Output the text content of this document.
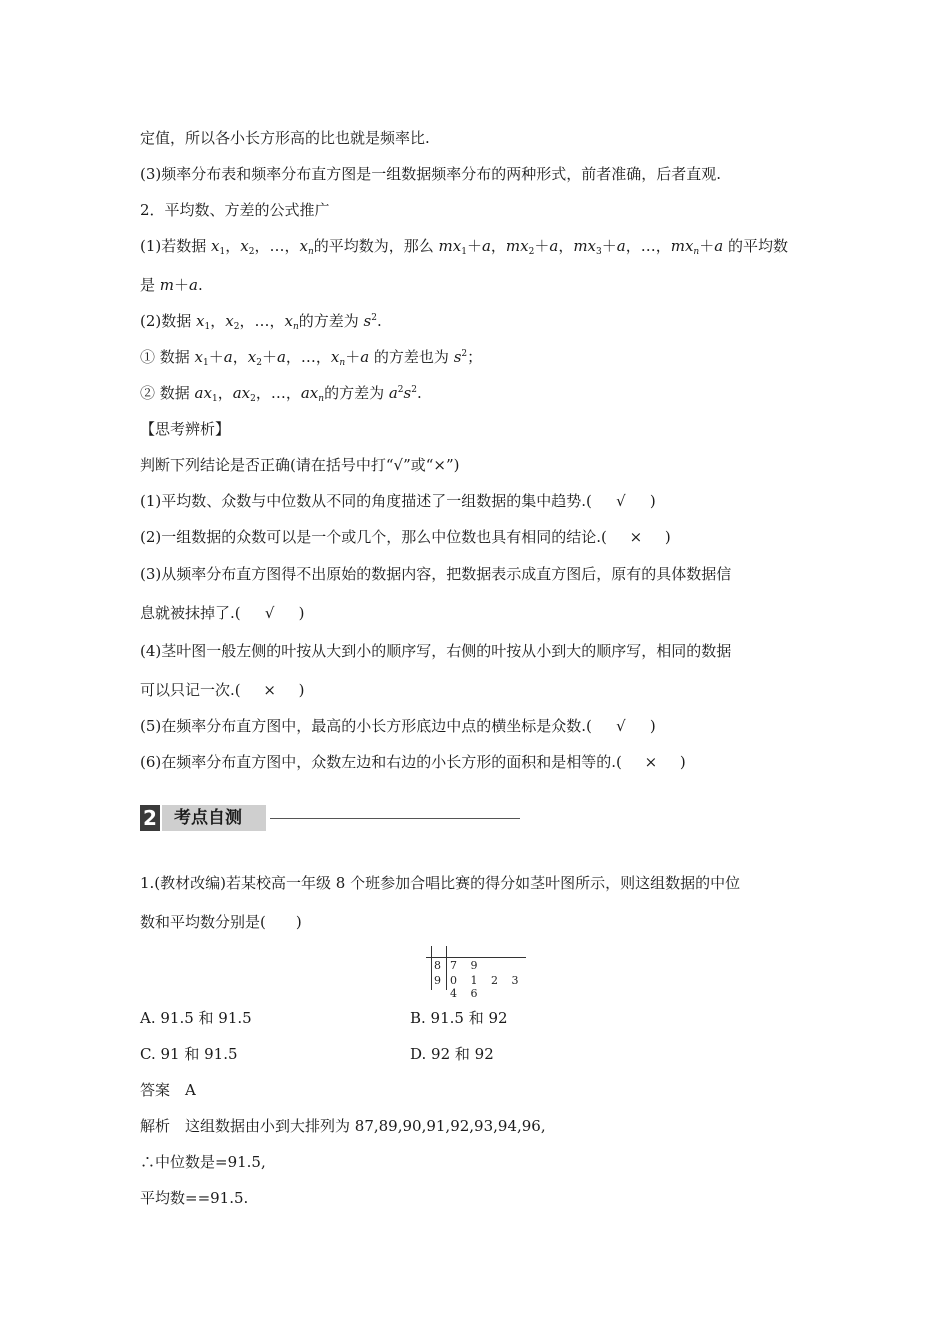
定值，所以各小长方形高的比也就是频率比.
(3)频率分布表和频率分布直方图是一组数据频率分布的两种形式，前者准确，后者直观.
2．平均数、方差的公式推广
(1)若数据 $x_1$，$x_2$，…，$x_n$的平均数为，那么 $mx_1+a$，$mx_2+a$，$mx_3+a$，…，$mx_n+a$ 的平均数
是 m＋a.
(2)数据 $x_1$，$x_2$，…，$x_n$的方差为 $s^2$.
① 数据 $x_1+a$，$x_2+a$，…，$x_n+a$ 的方差也为 $s^2$；
② 数据 $ax_1$，$ax_2$，…，$ax_n$的方差为 $a^2s^2$.
【思考辨析】
判断下列结论是否正确(请在括号中打“√”或“×”)
(1)平均数、众数与中位数从不同的角度描述了一组数据的集中趋势.( √ )
(2)一组数据的众数可以是一个或几个，那么中位数也具有相同的结论.( × )
(3)从频率分布直方图得不出原始的数据内容，把数据表示成直方图后，原有的具体数据信
息就被抹掉了.( √ )
(4)茎叶图一般左侧的叶按从大到小的顺序写，右侧的叶按从小到大的顺序写，相同的数据
可以只记一次.( × )
(5)在频率分布直方图中，最高的小长方形底边中点的横坐标是众数.( √ )
(6)在频率分布直方图中，众数左边和右边的小长方形的面积和是相等的.( × )
2 考点自测
1.(教材改编)若某校高一年级 8 个班参加合唱比赛的得分如茎叶图所示，则这组数据的中位
数和平均数分别是(　　)
8 7 9
9 0 1 2 3 4 6
A. 91.5 和 91.5	B. 91.5 和 92
C. 91 和 91.5	D. 92 和 92
答案　A
解析　这组数据由小到大排列为 87,89,90,91,92,93,94,96,
∴中位数是=91.5,
平均数==91.5.
